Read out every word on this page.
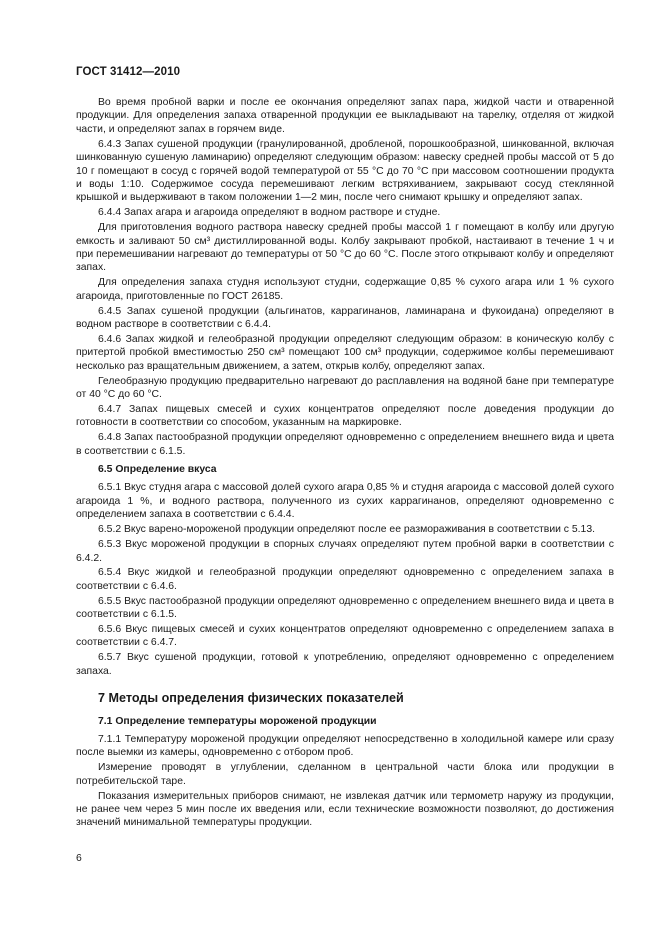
ГОСТ 31412—2010

Во время пробной варки и после ее окончания определяют запах пара, жидкой части и отваренной продукции. Для определения запаха отваренной продукции ее выкладывают на тарелку, отделяя от жидкой части, и определяют запах в горячем виде.

6.4.3 Запах сушеной продукции (гранулированной, дробленой, порошкообразной, шинкованной, включая шинкованную сушеную ламинарию) определяют следующим образом: навеску средней пробы массой от 5 до 10 г помещают в сосуд с горячей водой температурой от 55 °С до 70 °С при массовом соотношении продукта и воды 1:10. Содержимое сосуда перемешивают легким встряхиванием, закрывают сосуд стеклянной крышкой и выдерживают в таком положении 1—2 мин, после чего снимают крышку и определяют запах.

6.4.4 Запах агара и агароида определяют в водном растворе и студне.

Для приготовления водного раствора навеску средней пробы массой 1 г помещают в колбу или другую емкость и заливают 50 см³ дистиллированной воды. Колбу закрывают пробкой, настаивают в течение 1 ч и при перемешивании нагревают до температуры от 50 °С до 60 °С. После этого открывают колбу и определяют запах.

Для определения запаха студня используют студни, содержащие 0,85 % сухого агара или 1 % сухого агароида, приготовленные по ГОСТ 26185.

6.4.5 Запах сушеной продукции (альгинатов, каррагинанов, ламинарана и фукоидана) определяют в водном растворе в соответствии с 6.4.4.

6.4.6 Запах жидкой и гелеобразной продукции определяют следующим образом: в коническую колбу с притертой пробкой вместимостью 250 см³ помещают 100 см³ продукции, содержимое колбы перемешивают несколько раз вращательным движением, а затем, открыв колбу, определяют запах.

Гелеобразную продукцию предварительно нагревают до расплавления на водяной бане при температуре от 40 °С до 60 °С.

6.4.7 Запах пищевых смесей и сухих концентратов определяют после доведения продукции до готовности в соответствии со способом, указанным на маркировке.

6.4.8 Запах пастообразной продукции определяют одновременно с определением внешнего вида и цвета в соответствии с 6.1.5.

6.5 Определение вкуса

6.5.1 Вкус студня агара с массовой долей сухого агара 0,85 % и студня агароида с массовой долей сухого агароида 1 %, и водного раствора, полученного из сухих каррагинанов, определяют одновременно с определением запаха в соответствии с 6.4.4.

6.5.2 Вкус варено-мороженой продукции определяют после ее размораживания в соответствии с 5.13.

6.5.3 Вкус мороженой продукции в спорных случаях определяют путем пробной варки в соответствии с 6.4.2.

6.5.4 Вкус жидкой и гелеобразной продукции определяют одновременно с определением запаха в соответствии с 6.4.6.

6.5.5 Вкус пастообразной продукции определяют одновременно с определением внешнего вида и цвета в соответствии с 6.1.5.

6.5.6 Вкус пищевых смесей и сухих концентратов определяют одновременно с определением запаха в соответствии с 6.4.7.

6.5.7 Вкус сушеной продукции, готовой к употреблению, определяют одновременно с определением запаха.

7 Методы определения физических показателей

7.1 Определение температуры мороженой продукции

7.1.1 Температуру мороженой продукции определяют непосредственно в холодильной камере или сразу после выемки из камеры, одновременно с отбором проб.

Измерение проводят в углублении, сделанном в центральной части блока или продукции в потребительской таре.

Показания измерительных приборов снимают, не извлекая датчик или термометр наружу из продукции, не ранее чем через 5 мин после их введения или, если технические возможности позволяют, до достижения значений минимальной температуры продукции.

6
